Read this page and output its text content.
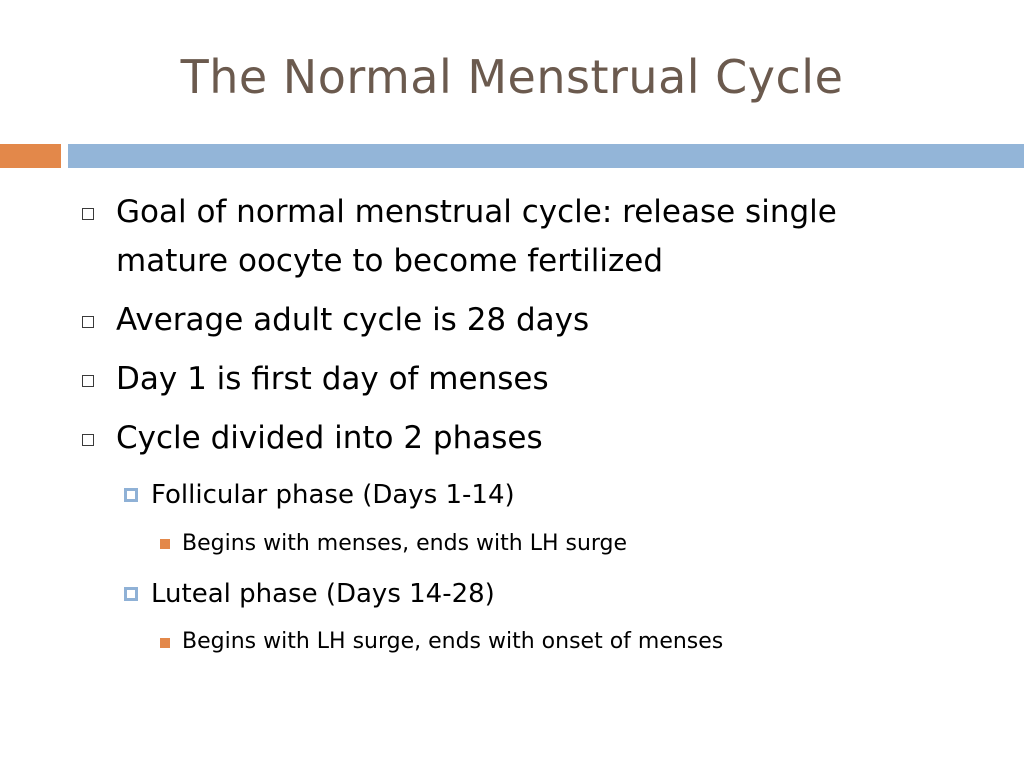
The Normal Menstrual Cycle
Goal of normal menstrual cycle: release single
mature oocyte to become fertilized
Average adult cycle is 28 days
Day 1 is first day of menses
Cycle divided into 2 phases
Follicular phase (Days 1-14)
Begins with menses, ends with LH surge
Luteal phase (Days 14-28)
Begins with LH surge, ends with onset of menses
